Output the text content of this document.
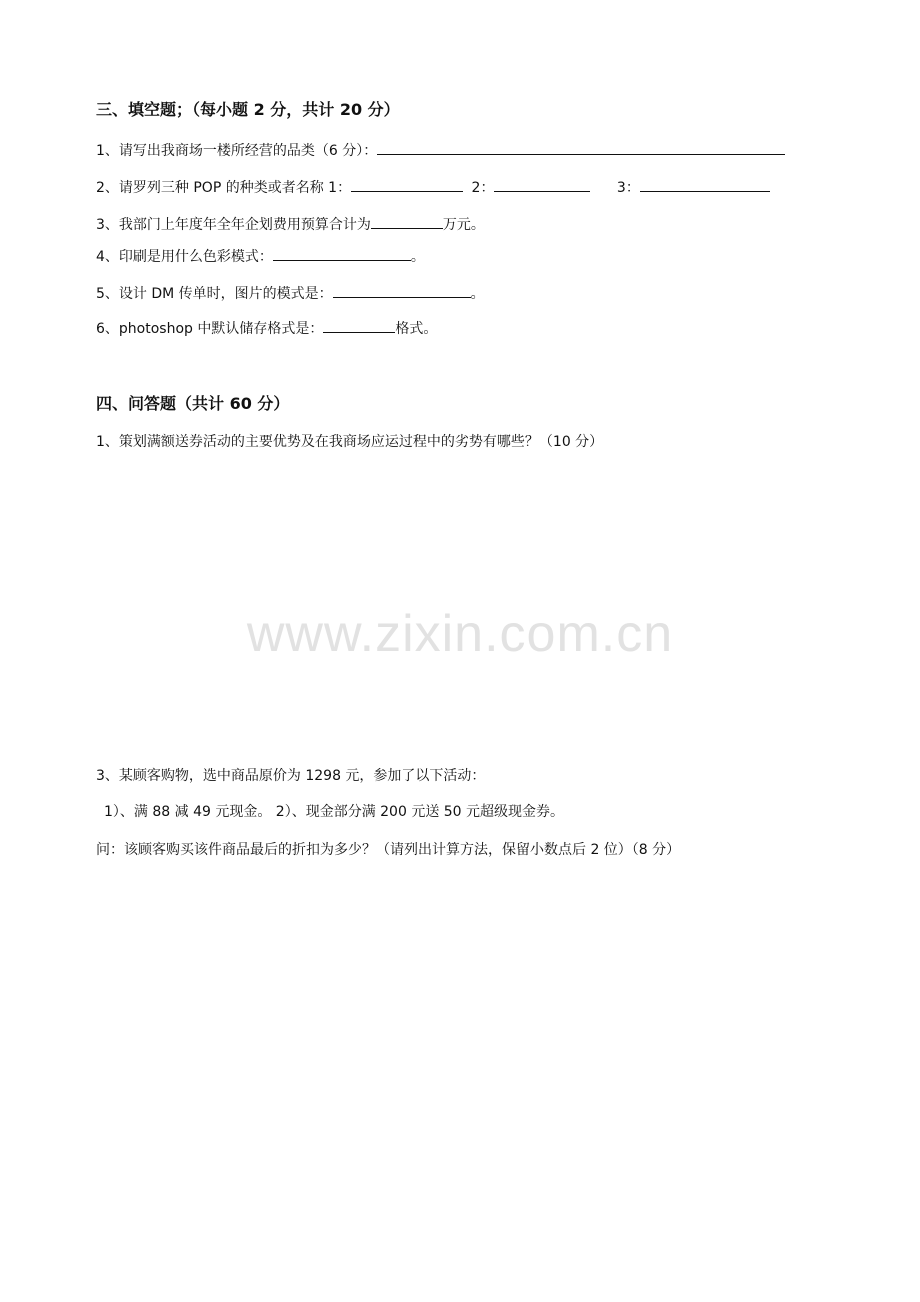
三、填空题；（每小题 2 分，共计 20 分）
1、请写出我商场一楼所经营的品类（6 分）：
2、请罗列三种 POP 的种类或者名称 1：	2：	3：
3、我部门上年度年全年企划费用预算合计为	万元。
4、印刷是用什么色彩模式：	。
5、设计 DM 传单时，图片的模式是：	。
6、photoshop 中默认储存格式是：	格式。
四、问答题（共计 60 分）
1、策划满额送券活动的主要优势及在我商场应运过程中的劣势有哪些？（10 分）
www.zixin.com.cn
3、某顾客购物，选中商品原价为 1298 元，参加了以下活动：
1）、满 88 减 49 元现金。 2）、现金部分满 200 元送 50 元超级现金券。
问：该顾客购买该件商品最后的折扣为多少？（请列出计算方法，保留小数点后 2 位）（8 分）
